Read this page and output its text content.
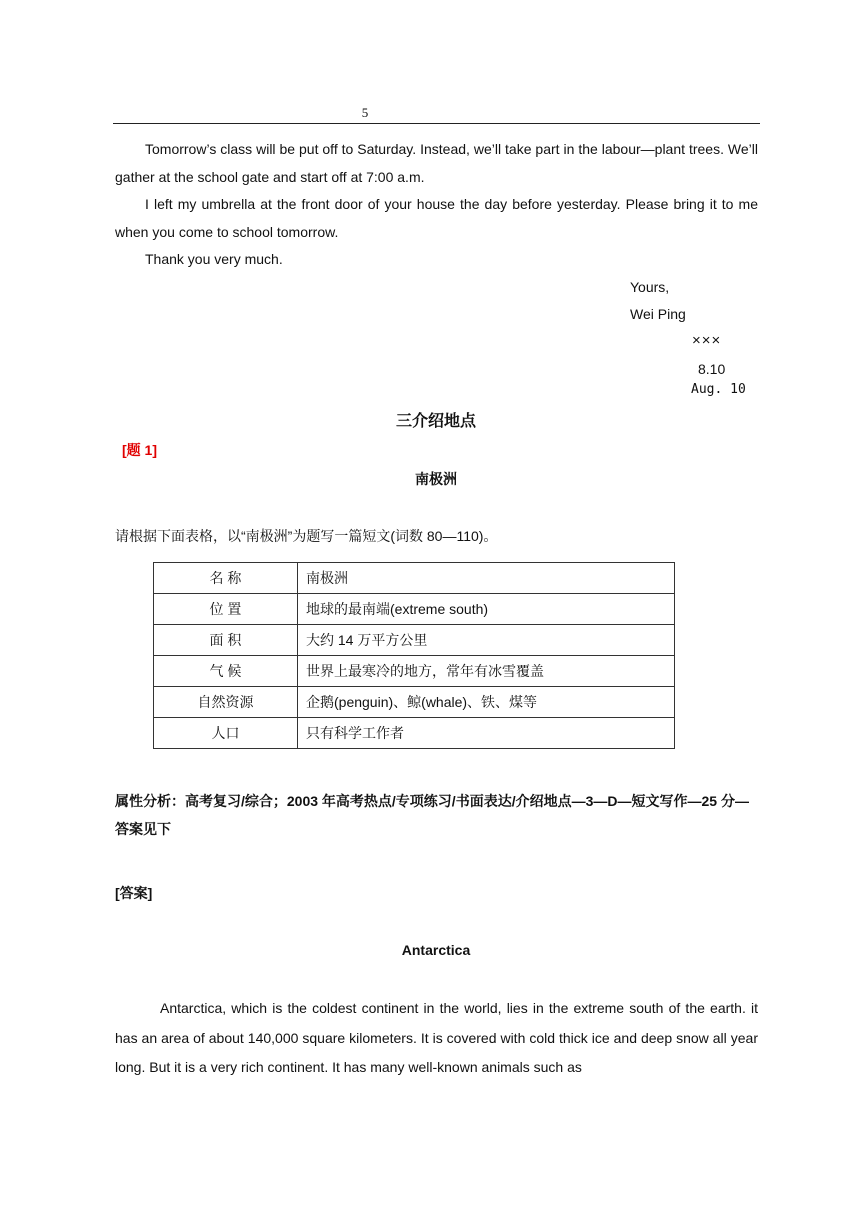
5
Tomorrow’s class will be put off to Saturday. Instead, we’ll take part in the labour—plant trees. We’ll gather at the school gate and start off at 7:00 a.m.
I left my umbrella at the front door of your house the day before yesterday. Please bring it to me when you come to school tomorrow.
Thank you very much.
Yours,
Wei Ping
×××
8.10
Aug. 10
三介绍地点
[题 1]
南极洲
请根据下面表格，以“南极洲”为题写一篇短文(词数 80—110)。
名 称	南极洲
位 置	地球的最南端(extreme south)
面 积	大约 14 万平方公里
气 候	世界上最寒冷的地方，常年有冰雪覆盖
自然资源	企鹅(penguin)、鲸(whale)、铁、煤等
人口	只有科学工作者
属性分析：高考复习/综合；2003 年高考热点/专项练习/书面表达/介绍地点—3—D—短文写作—25 分—答案见下
[答案]
Antarctica
Antarctica, which is the coldest continent in the world, lies in the extreme south of the earth. it has an area of about 140,000 square kilometers. It is covered with cold thick ice and deep snow all year long. But it is a very rich continent. It has many well-known animals such as
